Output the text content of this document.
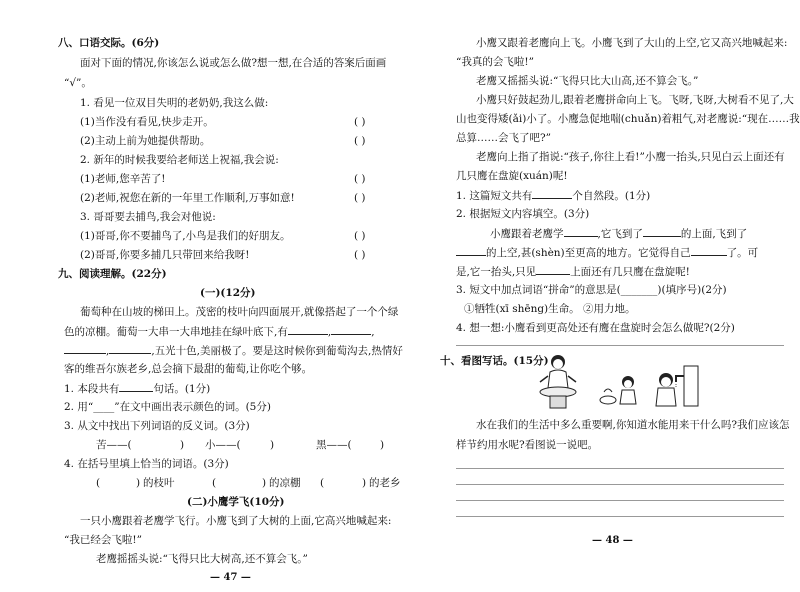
八、口语交际。(6分)
面对下面的情况,你该怎么说或怎么做?想一想,在合适的答案后面画
“√”。
1. 看见一位双目失明的老奶奶,我这么做:
(1)当作没有看见,快步走开。	( )
(2)主动上前为她提供帮助。	( )
2. 新年的时候我要给老师送上祝福,我会说:
(1)老师,您辛苦了!	( )
(2)老师,祝您在新的一年里工作顺利,万事如意!	( )
3. 哥哥要去捕鸟,我会对他说:
(1)哥哥,你不要捕鸟了,小鸟是我们的好朋友。	( )
(2)哥哥,你要多捕几只带回来给我呀!	( )
九、阅读理解。(22分)
(一)(12分)
葡萄种在山坡的梯田上。茂密的枝叶向四面展开,就像搭起了一个个绿
色的凉棚。葡萄一大串一大串地挂在绿叶底下,有	,	,
,	,五光十色,美丽极了。要是这时候你到葡萄沟去,热情好
客的维吾尔族老乡,总会摘下最甜的葡萄,让你吃个够。
1. 本段共有	句话。(1分)
2. 用“____”在文中画出表示颜色的词。(5分)
3. 从文中找出下列词语的反义词。(3分)
苦——(	) 小——(	)	黑——(	)
4. 在括号里填上恰当的词语。(3分)
(	) 的枝叶	(	) 的凉棚 (	) 的老乡
(二)小鹰学飞(10分)
一只小鹰跟着老鹰学飞行。小鹰飞到了大树的上面,它高兴地喊起来:
“我已经会飞啦!”
老鹰摇摇头说:“飞得只比大树高,还不算会飞。”
— 47 —
小鹰又跟着老鹰向上飞。小鹰飞到了大山的上空,它又高兴地喊起来:
“我真的会飞啦!”
老鹰又摇摇头说:“飞得只比大山高,还不算会飞。”
小鹰只好鼓起劲儿,跟着老鹰拼命向上飞。飞呀,飞呀,大树看不见了,大
山也变得矮(ǎi)小了。小鹰急促地喘(chuǎn)着粗气,对老鹰说:“现在……我
总算……会飞了吧?”
老鹰向上指了指说:“孩子,你往上看!”小鹰一抬头,只见白云上面还有
几只鹰在盘旋(xuán)呢!
1. 这篇短文共有	个自然段。(1分)
2. 根据短文内容填空。(3分)
小鹰跟着老鹰学	,它飞到了	的上面,飞到了
的上空,甚(shèn)至更高的地方。它觉得自己	了。可
是,它一抬头,只见	上面还有几只鹰在盘旋呢!
3. 短文中加点词语“拼命”的意思是(_______)(填序号)(2分)
①牺牲(xī shēng)生命。 ②用力地。
4. 想一想:小鹰看到更高处还有鹰在盘旋时会怎么做呢?(2分)
十、看图写话。(15分)
水在我们的生活中多么重要啊,你知道水能用来干什么吗?我们应该怎
样节约用水呢?看图说一说吧。
— 48 —
